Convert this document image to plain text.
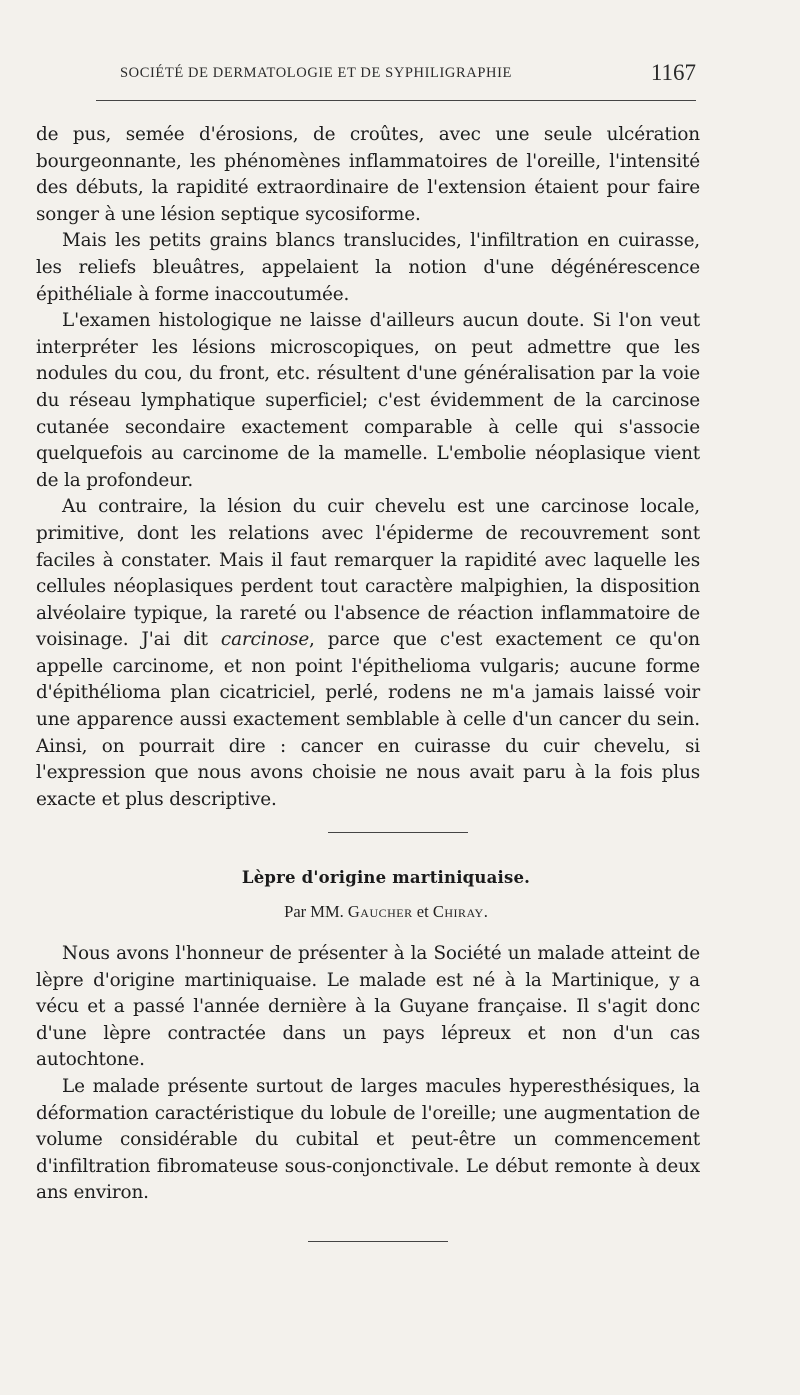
SOCIÉTÉ DE DERMATOLOGIE ET DE SYPHILIGRAPHIE	1167

de pus, semée d'érosions, de croûtes, avec une seule ulcération bourgeonnante, les phénomènes inflammatoires de l'oreille, l'intensité des débuts, la rapidité extraordinaire de l'extension étaient pour faire songer à une lésion septique sycosiforme.

Mais les petits grains blancs translucides, l'infiltration en cuirasse, les reliefs bleuâtres, appelaient la notion d'une dégénérescence épithéliale à forme inaccoutumée.

L'examen histologique ne laisse d'ailleurs aucun doute. Si l'on veut interpréter les lésions microscopiques, on peut admettre que les nodules du cou, du front, etc. résultent d'une généralisation par la voie du réseau lymphatique superficiel; c'est évidemment de la carcinose cutanée secondaire exactement comparable à celle qui s'associe quelquefois au carcinome de la mamelle. L'embolie néoplasique vient de la profondeur.

Au contraire, la lésion du cuir chevelu est une carcinose locale, primitive, dont les relations avec l'épiderme de recouvrement sont faciles à constater. Mais il faut remarquer la rapidité avec laquelle les cellules néoplasiques perdent tout caractère malpighien, la disposition alvéolaire typique, la rareté ou l'absence de réaction inflammatoire de voisinage. J'ai dit carcinose, parce que c'est exactement ce qu'on appelle carcinome, et non point l'épithelioma vulgaris; aucune forme d'épithélioma plan cicatriciel, perlé, rodens ne m'a jamais laissé voir une apparence aussi exactement semblable à celle d'un cancer du sein. Ainsi, on pourrait dire : cancer en cuirasse du cuir chevelu, si l'expression que nous avons choisie ne nous avait paru à la fois plus exacte et plus descriptive.

Lèpre d'origine martiniquaise.
Par MM. Gaucher et Chiray.

Nous avons l'honneur de présenter à la Société un malade atteint de lèpre d'origine martiniquaise. Le malade est né à la Martinique, y a vécu et a passé l'année dernière à la Guyane française. Il s'agit donc d'une lèpre contractée dans un pays lépreux et non d'un cas autochtone.

Le malade présente surtout de larges macules hyperesthésiques, la déformation caractéristique du lobule de l'oreille; une augmentation de volume considérable du cubital et peut-être un commencement d'infiltration fibromateuse sous-conjonctivale. Le début remonte à deux ans environ.
